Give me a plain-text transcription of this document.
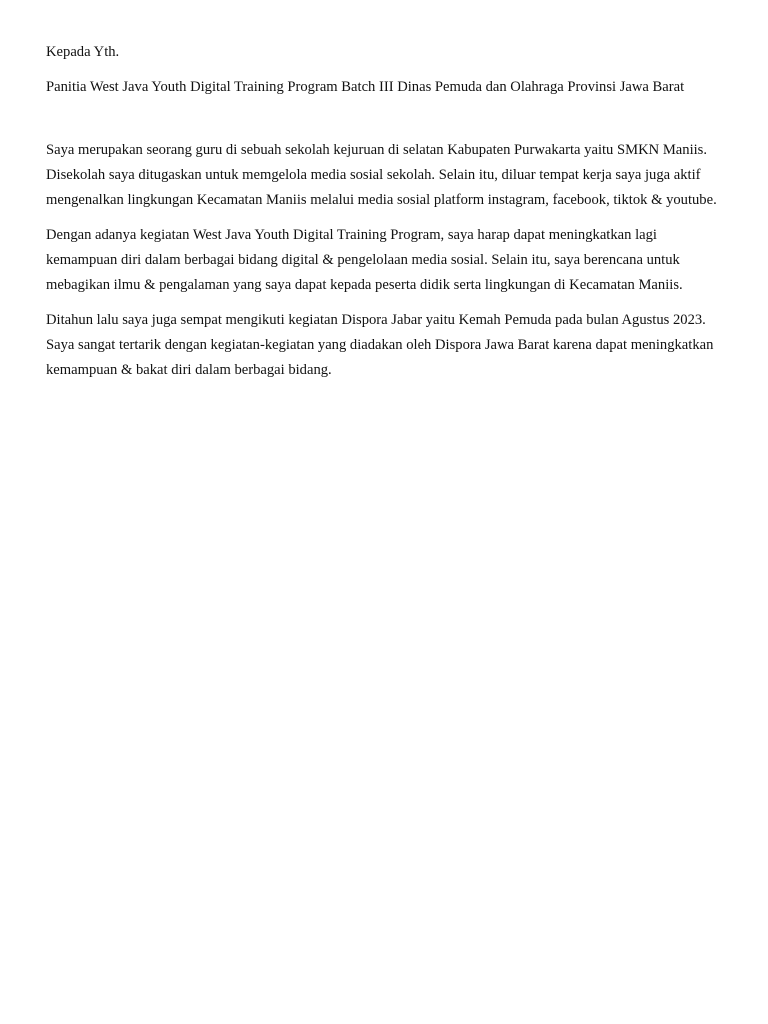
Kepada Yth.

Panitia West Java Youth Digital Training Program Batch III Dinas Pemuda dan Olahraga Provinsi Jawa Barat

Saya merupakan seorang guru di sebuah sekolah kejuruan di selatan Kabupaten Purwakarta yaitu SMKN Maniis. Disekolah saya ditugaskan untuk memgelola media sosial sekolah. Selain itu, diluar tempat kerja saya juga aktif mengenalkan lingkungan Kecamatan Maniis melalui media sosial platform instagram, facebook, tiktok & youtube.

Dengan adanya kegiatan West Java Youth Digital Training Program, saya harap dapat meningkatkan lagi kemampuan diri dalam berbagai bidang digital & pengelolaan media sosial. Selain itu, saya berencana untuk mebagikan ilmu & pengalaman yang saya dapat kepada peserta didik serta lingkungan di Kecamatan Maniis.

Ditahun lalu saya juga sempat mengikuti kegiatan Dispora Jabar yaitu Kemah Pemuda pada bulan Agustus 2023. Saya sangat tertarik dengan kegiatan-kegiatan yang diadakan oleh Dispora Jawa Barat karena dapat meningkatkan kemampuan & bakat diri dalam berbagai bidang.
